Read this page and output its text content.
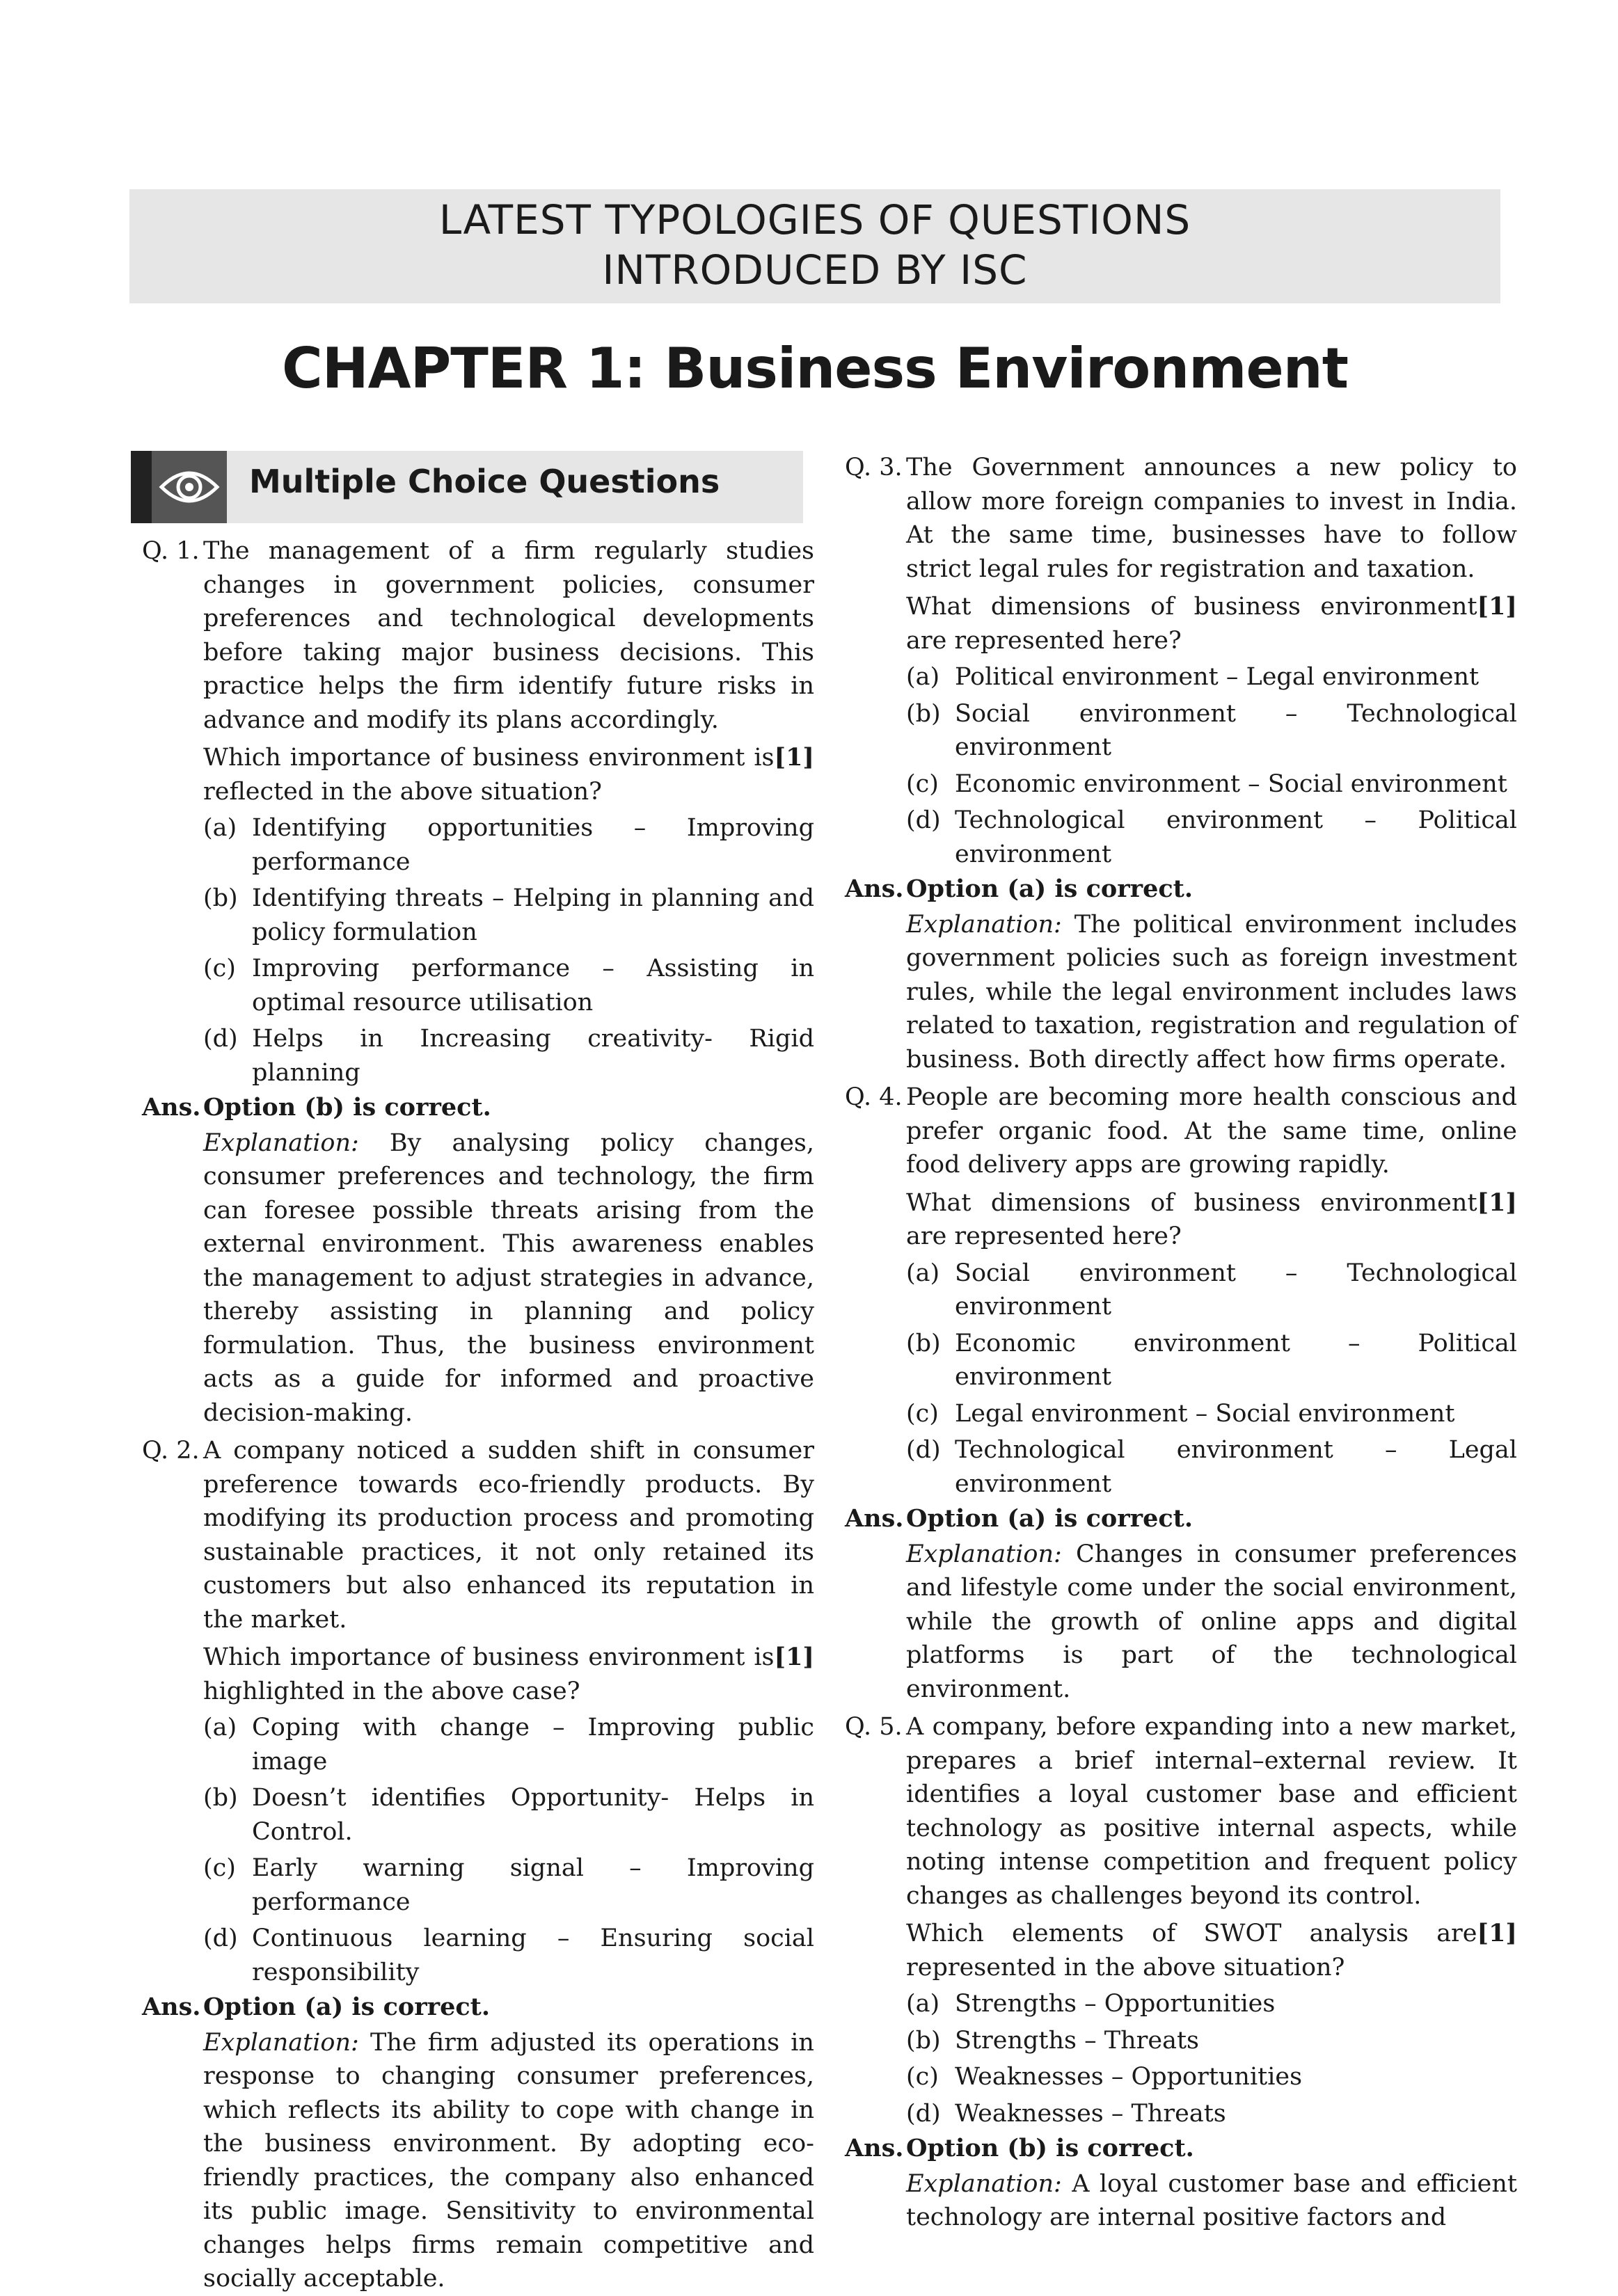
LATEST TYPOLOGIES OF QUESTIONS
INTRODUCED BY ISC
CHAPTER 1: Business Environment
Multiple Choice Questions
Q. 1. The management of a firm regularly studies changes in government policies, consumer preferences and technological developments before taking major business decisions. This practice helps the firm identify future risks in advance and modify its plans accordingly.
[1]
Which importance of business environment is reflected in the above situation?
(a) Identifying opportunities – Improving performance
(b) Identifying threats – Helping in planning and policy formulation
(c) Improving performance – Assisting in optimal resource utilisation
(d) Helps in Increasing creativity- Rigid planning
Ans. Option (b) is correct.
Explanation: By analysing policy changes, consumer preferences and technology, the firm can foresee possible threats arising from the external environment. This awareness enables the management to adjust strategies in advance, thereby assisting in planning and policy formulation. Thus, the business environment acts as a guide for informed and proactive decision-making.
Q. 2. A company noticed a sudden shift in consumer preference towards eco-friendly products. By modifying its production process and promoting sustainable practices, it not only retained its customers but also enhanced its reputation in the market.
[1]
Which importance of business environment is highlighted in the above case?
(a) Coping with change – Improving public image
(b) Doesn’t identifies Opportunity- Helps in Control.
(c) Early warning signal – Improving performance
(d) Continuous learning – Ensuring social responsibility
Ans. Option (a) is correct.
Explanation: The firm adjusted its operations in response to changing consumer preferences, which reflects its ability to cope with change in the business environment. By adopting eco-friendly practices, the company also enhanced its public image. Sensitivity to environmental changes helps firms remain competitive and socially acceptable.
Q. 3. The Government announces a new policy to allow more foreign companies to invest in India. At the same time, businesses have to follow strict legal rules for registration and taxation.
[1]
What dimensions of business environment are represented here?
(a) Political environment – Legal environment
(b) Social environment – Technological environment
(c) Economic environment – Social environment
(d) Technological environment – Political environment
Ans. Option (a) is correct.
Explanation: The political environment includes government policies such as foreign investment rules, while the legal environment includes laws related to taxation, registration and regulation of business. Both directly affect how firms operate.
Q. 4. People are becoming more health conscious and prefer organic food. At the same time, online food delivery apps are growing rapidly.
[1]
What dimensions of business environment are represented here?
(a) Social environment – Technological environment
(b) Economic environment – Political environment
(c) Legal environment – Social environment
(d) Technological environment – Legal environment
Ans. Option (a) is correct.
Explanation: Changes in consumer preferences and lifestyle come under the social environment, while the growth of online apps and digital platforms is part of the technological environment.
Q. 5. A company, before expanding into a new market, prepares a brief internal–external review. It identifies a loyal customer base and efficient technology as positive internal aspects, while noting intense competition and frequent policy changes as challenges beyond its control.
[1]
Which elements of SWOT analysis are represented in the above situation?
(a) Strengths – Opportunities
(b) Strengths – Threats
(c) Weaknesses – Opportunities
(d) Weaknesses – Threats
Ans. Option (b) is correct.
Explanation: A loyal customer base and efficient technology are internal positive factors and
